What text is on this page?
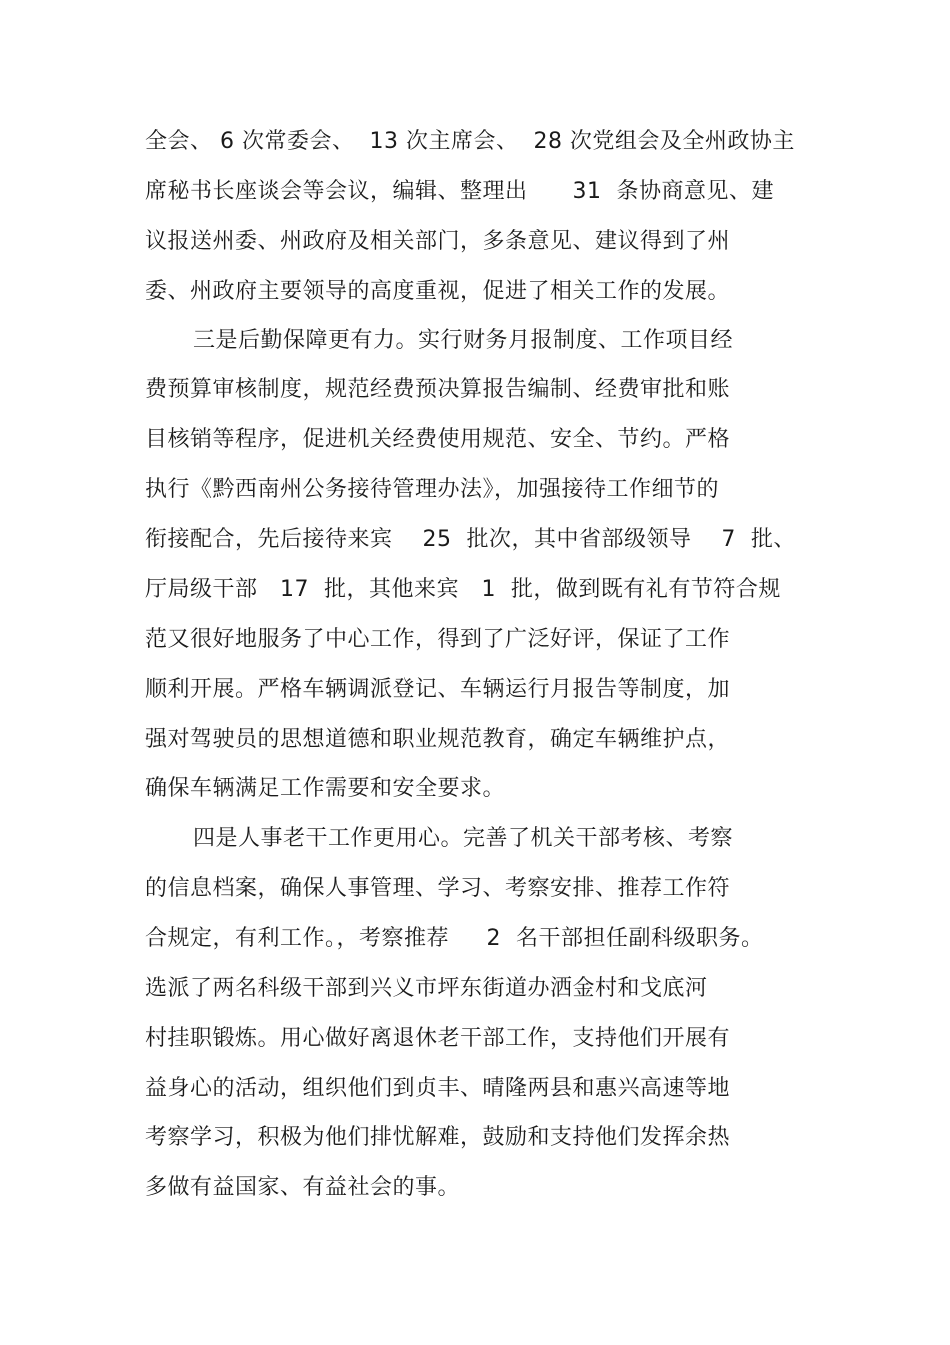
全会、 6 次常委会、  13 次主席会、  28 次党组会及全州政协主

席秘书长座谈会等会议，编辑、整理出      31  条协商意见、建

议报送州委、州政府及相关部门，多条意见、建议得到了州

委、州政府主要领导的高度重视，促进了相关工作的发展。

三是后勤保障更有力。实行财务月报制度、工作项目经

费预算审核制度，规范经费预决算报告编制、经费审批和账

目核销等程序，促进机关经费使用规范、安全、节约。严格

执行《黔西南州公务接待管理办法》，加强接待工作细节的

衔接配合，先后接待来宾    25  批次，其中省部级领导    7  批、

厅局级干部   17  批，其他来宾   1  批，做到既有礼有节符合规

范又很好地服务了中心工作，得到了广泛好评，保证了工作

顺利开展。严格车辆调派登记、车辆运行月报告等制度，加

强对驾驶员的思想道德和职业规范教育，确定车辆维护点，

确保车辆满足工作需要和安全要求。

四是人事老干工作更用心。完善了机关干部考核、考察

的信息档案，确保人事管理、学习、考察安排、推荐工作符

合规定，有利工作。，考察推荐     2  名干部担任副科级职务。

选派了两名科级干部到兴义市坪东街道办洒金村和戈底河

村挂职锻炼。用心做好离退休老干部工作，支持他们开展有

益身心的活动，组织他们到贞丰、晴隆两县和惠兴高速等地

考察学习，积极为他们排忧解难，鼓励和支持他们发挥余热

多做有益国家、有益社会的事。
